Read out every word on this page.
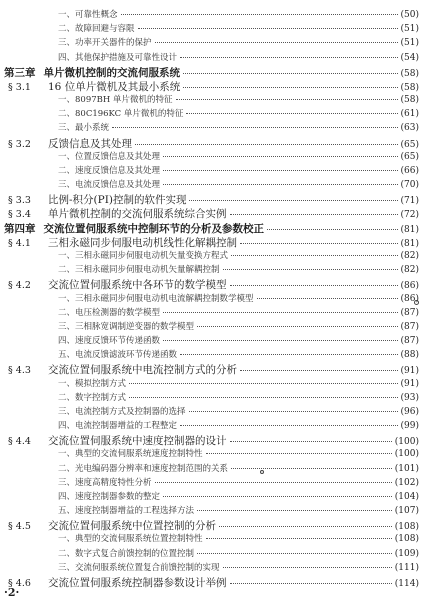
一、可靠性概念	(50)
二、故障回避与容限	(51)
三、功率开关器件的保护	(51)
四、其他保护措施及可靠性设计	(54)
第三章 单片微机控制的交流伺服系统	(58)
§ 3.1	16 位单片微机及其最小系统	(58)
一、8097BH 单片微机的特征	(58)
二、80C196KC 单片微机的特征	(61)
三、最小系统	(63)
§ 3.2	反馈信息及其处理	(65)
一、位置反馈信息及其处理	(65)
二、速度反馈信息及其处理	(66)
三、电流反馈信息及其处理	(70)
§ 3.3	比例-积分(PI)控制的软件实现	(71)
§ 3.4	单片微机控制的交流伺服系统综合实例	(72)
第四章 交流位置伺服系统中控制环节的分析及参数校正	(81)
§ 4.1	三相永磁同步伺服电动机线性化解耦控制	(81)
一、三相永磁同步伺服电动机矢量变换方程式	(82)
二、三相永磁同步伺服电动机矢量解耦控制	(82)
§ 4.2	交流位置伺服系统中各环节的数学模型	(86)
一、三相永磁同步伺服电动机电流解耦控制数学模型	(86)
二、电压检测器的数学模型	(87)
三、三相脉宽调制逆变器的数学模型	(87)
四、速度反馈环节传递函数	(87)
五、电流反馈滤波环节传递函数	(88)
§ 4.3	交流位置伺服系统中电流控制方式的分析	(91)
一、模拟控制方式	(91)
二、数字控制方式	(93)
三、电流控制方式及控制器的选择	(96)
四、电流控制器增益的工程整定	(99)
§ 4.4	交流位置伺服系统中速度控制器的设计	(100)
一、典型的交流伺服系统速度控制特性	(100)
二、光电编码器分辨率和速度控制范围的关系	(101)
三、速度高精度特性分析	(102)
四、速度控制器参数的整定	(104)
五、速度控制器增益的工程选择方法	(107)
§ 4.5	交流位置伺服系统中位置控制的分析	(108)
一、典型的交流伺服系统位置控制特性	(108)
二、数字式复合前馈控制的位置控制	(109)
三、交流伺服系统位置复合前馈控制的实现	(111)
§ 4.6	交流位置伺服系统控制器参数设计举例	(114)
·2·
